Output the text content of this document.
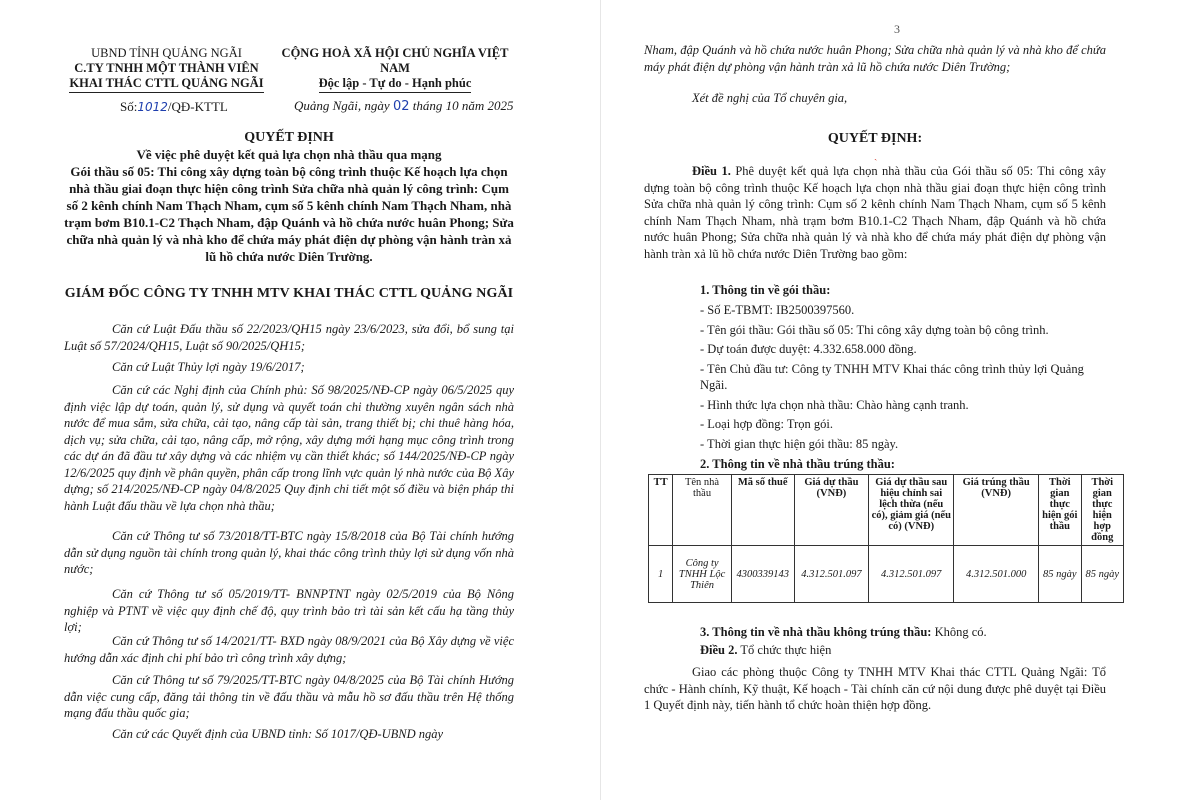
UBND TỈNH QUẢNG NGÃI
C.TY TNHH MỘT THÀNH VIÊN
KHAI THÁC CTTL QUẢNG NGÃI
CỘNG HOÀ XÃ HỘI CHỦ NGHĨA VIỆT NAM
Độc lập - Tự do - Hạnh phúc
Số:1012/QĐ-KTTL	Quảng Ngãi, ngày 02 tháng 10 năm 2025
QUYẾT ĐỊNH
Về việc phê duyệt kết quả lựa chọn nhà thầu qua mạng
Gói thầu số 05: Thi công xây dựng toàn bộ công trình thuộc Kế hoạch lựa chọn nhà thầu giai đoạn thực hiện công trình Sửa chữa nhà quản lý công trình: Cụm số 2 kênh chính Nam Thạch Nham, cụm số 5 kênh chính Nam Thạch Nham, nhà trạm bơm B10.1-C2 Thạch Nham, đập Quánh và hồ chứa nước huân Phong; Sửa chữa nhà quản lý và nhà kho để chứa máy phát điện dự phòng vận hành tràn xả lũ hồ chứa nước Diên Trường.
GIÁM ĐỐC CÔNG TY TNHH MTV KHAI THÁC CTTL QUẢNG NGÃI
Căn cứ Luật Đấu thầu số 22/2023/QH15 ngày 23/6/2023, sửa đổi, bổ sung tại Luật số 57/2024/QH15, Luật số 90/2025/QH15;
Căn cứ Luật Thủy lợi ngày 19/6/2017;
Căn cứ các Nghị định của Chính phủ: Số 98/2025/NĐ-CP ngày 06/5/2025 quy định việc lập dự toán, quản lý, sử dụng và quyết toán chi thường xuyên ngân sách nhà nước để mua sắm, sửa chữa, cải tạo, nâng cấp tài sản, trang thiết bị; chi thuê hàng hóa, dịch vụ; sửa chữa, cải tạo, nâng cấp, mở rộng, xây dựng mới hạng mục công trình trong các dự án đã đầu tư xây dựng và các nhiệm vụ cần thiết khác; số 144/2025/NĐ-CP ngày 12/6/2025 quy định về phân quyền, phân cấp trong lĩnh vực quản lý nhà nước của Bộ Xây dựng; số 214/2025/NĐ-CP ngày 04/8/2025 Quy định chi tiết một số điều và biện pháp thi hành Luật đấu thầu về lựa chọn nhà thầu;
Căn cứ Thông tư số 73/2018/TT-BTC ngày 15/8/2018 của Bộ Tài chính hướng dẫn sử dụng nguồn tài chính trong quản lý, khai thác công trình thủy lợi sử dụng vốn nhà nước;
Căn cứ Thông tư số 05/2019/TT- BNNPTNT ngày 02/5/2019 của Bộ Nông nghiệp và PTNT về việc quy định chế độ, quy trình bảo trì tài sản kết cấu hạ tầng thủy lợi;
Căn cứ Thông tư số 14/2021/TT- BXD ngày 08/9/2021 của Bộ Xây dựng về việc hướng dẫn xác định chi phí bảo trì công trình xây dựng;
Căn cứ Thông tư số 79/2025/TT-BTC ngày 04/8/2025 của Bộ Tài chính Hướng dẫn việc cung cấp, đăng tải thông tin về đấu thầu và mẫu hồ sơ đấu thầu trên Hệ thống mạng đấu thầu quốc gia;
Căn cứ các Quyết định của UBND tỉnh: Số 1017/QĐ-UBND ngày
3
Nham, đập Quánh và hồ chứa nước huân Phong; Sửa chữa nhà quản lý và nhà kho để chứa máy phát điện dự phòng vận hành tràn xả lũ hồ chứa nước Diên Trường;
Xét đề nghị của Tổ chuyên gia,
QUYẾT ĐỊNH:
ˏ
Điều 1. Phê duyệt kết quả lựa chọn nhà thầu của Gói thầu số 05: Thi công xây dựng toàn bộ công trình thuộc Kế hoạch lựa chọn nhà thầu giai đoạn thực hiện công trình Sửa chữa nhà quản lý công trình: Cụm số 2 kênh chính Nam Thạch Nham, cụm số 5 kênh chính Nam Thạch Nham, nhà trạm bơm B10.1-C2 Thạch Nham, đập Quánh và hồ chứa nước huân Phong; Sửa chữa nhà quản lý và nhà kho để chứa máy phát điện dự phòng vận hành tràn xả lũ hồ chứa nước Diên Trường bao gồm:
1. Thông tin về gói thầu:
- Số E-TBMT: IB2500397560.
- Tên gói thầu: Gói thầu số 05: Thi công xây dựng toàn bộ công trình.
- Dự toán được duyệt: 4.332.658.000 đồng.
- Tên Chủ đầu tư: Công ty TNHH MTV Khai thác công trình thủy lợi Quảng Ngãi.
- Hình thức lựa chọn nhà thầu: Chào hàng cạnh tranh.
- Loại hợp đồng: Trọn gói.
- Thời gian thực hiện gói thầu: 85 ngày.
2. Thông tin về nhà thầu trúng thầu:
TT	Tên nhà thầu	Mã số thuế	Giá dự thầu (VNĐ)	Giá dự thầu sau hiệu chỉnh sai lệch thừa (nếu có), giảm giá (nếu có) (VNĐ)	Giá trúng thầu (VNĐ)	Thời gian thực hiện gói thầu	Thời gian thực hiện hợp đồng
1	Công ty TNHH Lộc Thiên	4300339143	4.312.501.097	4.312.501.097	4.312.501.000	85 ngày	85 ngày
3. Thông tin về nhà thầu không trúng thầu: Không có.
Điều 2. Tổ chức thực hiện
Giao các phòng thuộc Công ty TNHH MTV Khai thác CTTL Quảng Ngãi: Tổ chức - Hành chính, Kỹ thuật, Kế hoạch - Tài chính căn cứ nội dung được phê duyệt tại Điều 1 Quyết định này, tiến hành tổ chức hoàn thiện hợp đồng.
